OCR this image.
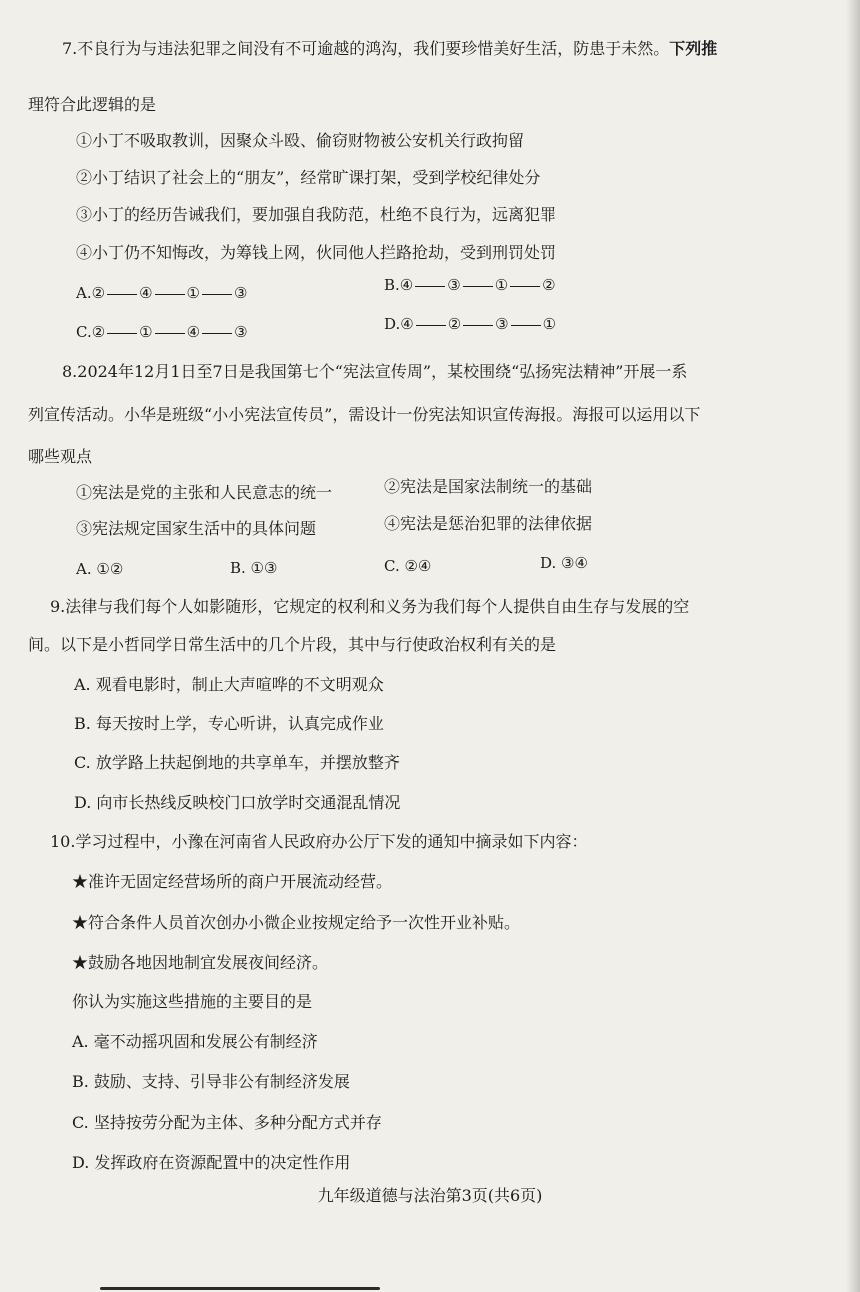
7.不良行为与违法犯罪之间没有不可逾越的鸿沟，我们要珍惜美好生活，防患于未然。下列推
理符合此逻辑的是
①小丁不吸取教训，因聚众斗殴、偷窃财物被公安机关行政拘留
②小丁结识了社会上的“朋友”，经常旷课打架，受到学校纪律处分
③小丁的经历告诫我们，要加强自我防范，杜绝不良行为，远离犯罪
④小丁仍不知悔改，为筹钱上网，伙同他人拦路抢劫，受到刑罚处罚
A.② ④ ① ③	B.④ ③ ① ②
C.② ① ④ ③	D.④ ② ③ ①
8.2024年12月1日至7日是我国第七个“宪法宣传周”，某校围绕“弘扬宪法精神”开展一系
列宣传活动。小华是班级“小小宪法宣传员”，需设计一份宪法知识宣传海报。海报可以运用以下
哪些观点
①宪法是党的主张和人民意志的统一	②宪法是国家法制统一的基础
③宪法规定国家生活中的具体问题	④宪法是惩治犯罪的法律依据
A. ①②	B. ①③	C. ②④	D. ③④
9.法律与我们每个人如影随形，它规定的权利和义务为我们每个人提供自由生存与发展的空
间。以下是小哲同学日常生活中的几个片段，其中与行使政治权利有关的是
A. 观看电影时，制止大声喧哗的不文明观众
B. 每天按时上学，专心听讲，认真完成作业
C. 放学路上扶起倒地的共享单车，并摆放整齐
D. 向市长热线反映校门口放学时交通混乱情况
10.学习过程中，小豫在河南省人民政府办公厅下发的通知中摘录如下内容：
★准许无固定经营场所的商户开展流动经营。
★符合条件人员首次创办小微企业按规定给予一次性开业补贴。
★鼓励各地因地制宜发展夜间经济。
你认为实施这些措施的主要目的是
A. 毫不动摇巩固和发展公有制经济
B. 鼓励、支持、引导非公有制经济发展
C. 坚持按劳分配为主体、多种分配方式并存
D. 发挥政府在资源配置中的决定性作用
九年级道德与法治第3页(共6页)
